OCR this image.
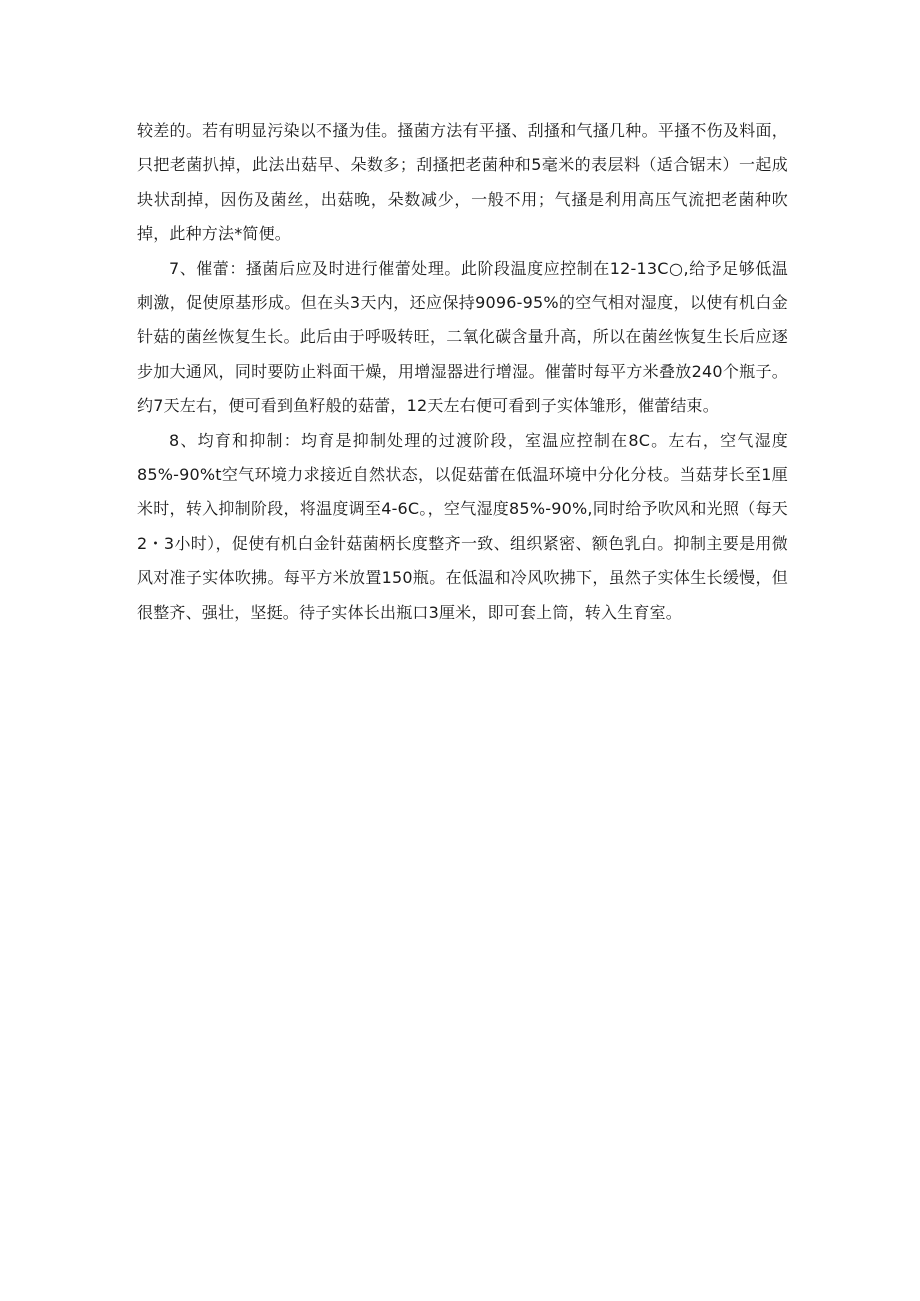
较差的。若有明显污染以不搔为佳。搔菌方法有平搔、刮搔和气搔几种。平搔不伤及料面，只把老菌扒掉，此法出菇早、朵数多；刮搔把老菌种和5毫米的表层料（适合锯末）一起成块状刮掉，因伤及菌丝，出菇晚，朵数减少，一般不用；气搔是利用高压气流把老菌种吹掉，此种方法*简便。

7、催蕾：搔菌后应及时进行催蕾处理。此阶段温度应控制在12-13C○,给予足够低温刺激，促使原基形成。但在头3天内，还应保持9096-95%的空气相对湿度，以使有机白金针菇的菌丝恢复生长。此后由于呼吸转旺，二氧化碳含量升高，所以在菌丝恢复生长后应逐步加大通风，同时要防止料面干燥，用增湿器进行增湿。催蕾时每平方米叠放240个瓶子。约7天左右，便可看到鱼籽般的菇蕾，12天左右便可看到子实体雏形，催蕾结束。

8、均育和抑制：均育是抑制处理的过渡阶段，室温应控制在8C。左右，空气湿度85%-90%t空气环境力求接近自然状态，以促菇蕾在低温环境中分化分枝。当菇芽长至1厘米时，转入抑制阶段，将温度调至4-6C。，空气湿度85%-90%,同时给予吹风和光照（每天2・3小时），促使有机白金针菇菌柄长度整齐一致、组织紧密、额色乳白。抑制主要是用微风对准子实体吹拂。每平方米放置150瓶。在低温和冷风吹拂下，虽然子实体生长缓慢，但很整齐、强壮，坚挺。待子实体长出瓶口3厘米，即可套上筒，转入生育室。
